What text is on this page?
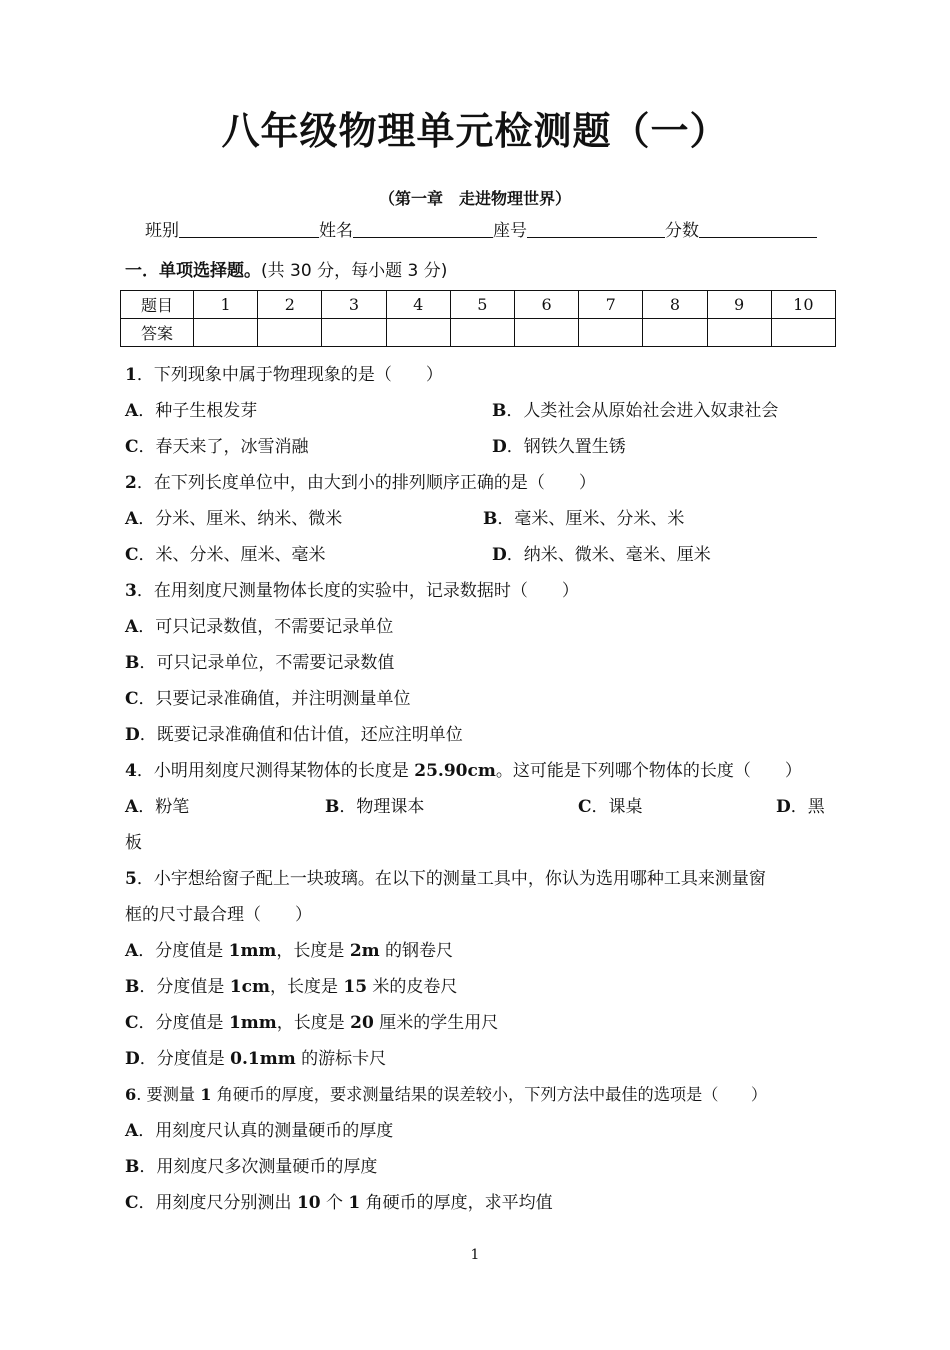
八年级物理单元检测题（一）
（第一章　走进物理世界）
班别	姓名	座号	分数
一．单项选择题。(共 30 分，每小题 3 分)
题目	1	2	3	4	5	6	7	8	9	10
答案										
1．下列现象中属于物理现象的是（　　）
A．种子生根发芽	B．人类社会从原始社会进入奴隶社会
C．春天来了，冰雪消融	D．钢铁久置生锈
2．在下列长度单位中，由大到小的排列顺序正确的是（　　）
A．分米、厘米、纳米、微米	B．毫米、厘米、分米、米
C．米、分米、厘米、毫米	D．纳米、微米、毫米、厘米
3．在用刻度尺测量物体长度的实验中，记录数据时（　　）
A．可只记录数值，不需要记录单位
B．可只记录单位，不需要记录数值
C．只要记录准确值，并注明测量单位
D．既要记录准确值和估计值，还应注明单位
4．小明用刻度尺测得某物体的长度是 25.90cm。这可能是下列哪个物体的长度（　　）
A．粉笔	B．物理课本	C．课桌	D．黑
板
5．小宇想给窗子配上一块玻璃。在以下的测量工具中，你认为选用哪种工具来测量窗
框的尺寸最合理（　　）
A．分度值是 1mm，长度是 2m 的钢卷尺
B．分度值是 1cm，长度是 15 米的皮卷尺
C．分度值是 1mm，长度是 20 厘米的学生用尺
D．分度值是 0.1mm 的游标卡尺
6. 要测量 1 角硬币的厚度，要求测量结果的误差较小，下列方法中最佳的选项是（　　）
A．用刻度尺认真的测量硬币的厚度
B．用刻度尺多次测量硬币的厚度
C．用刻度尺分别测出 10 个 1 角硬币的厚度，求平均值
1
